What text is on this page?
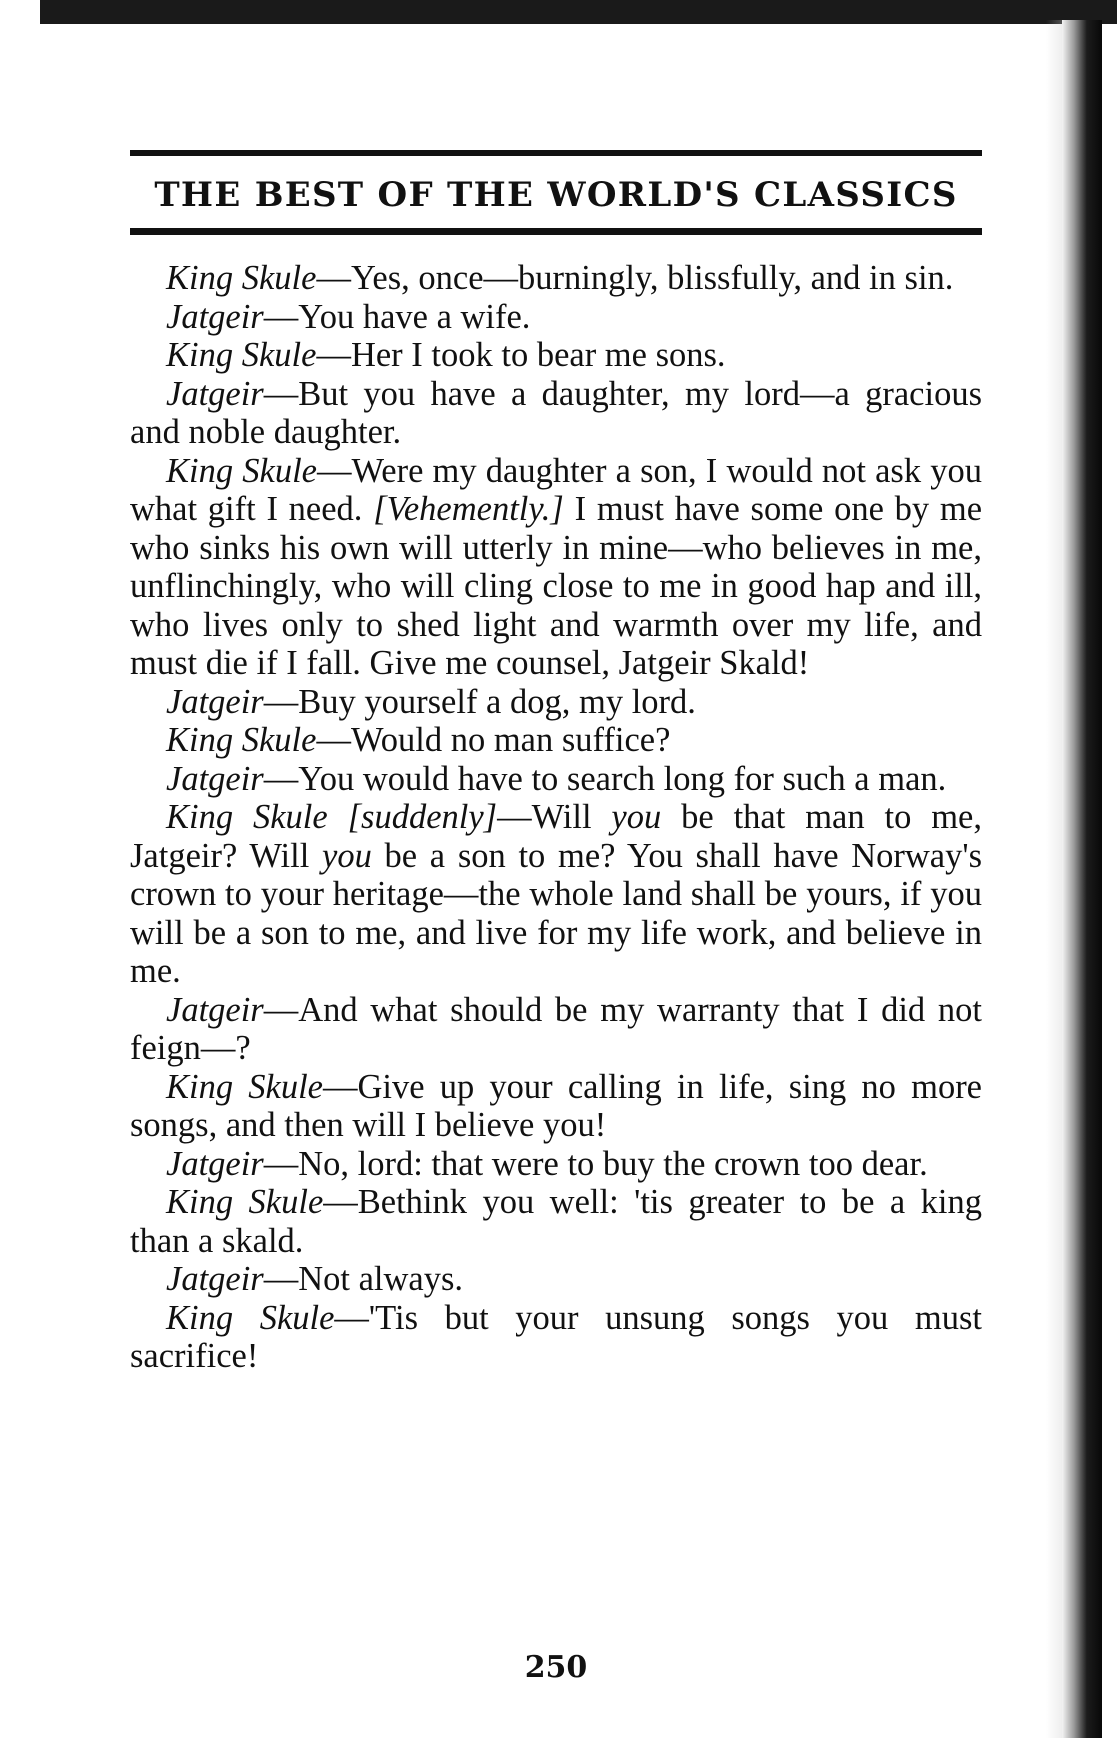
THE BEST OF THE WORLD'S CLASSICS

King Skule—Yes, once—burningly, blissfully, and in sin.

Jatgeir—You have a wife.

King Skule—Her I took to bear me sons.

Jatgeir—But you have a daughter, my lord—a gracious and noble daughter.

King Skule—Were my daughter a son, I would not ask you what gift I need. [Vehemently.] I must have some one by me who sinks his own will utterly in mine—who believes in me, unflinchingly, who will cling close to me in good hap and ill, who lives only to shed light and warmth over my life, and must die if I fall. Give me counsel, Jatgeir Skald!

Jatgeir—Buy yourself a dog, my lord.

King Skule—Would no man suffice?

Jatgeir—You would have to search long for such a man.

King Skule [suddenly]—Will you be that man to me, Jatgeir? Will you be a son to me? You shall have Norway's crown to your heritage—the whole land shall be yours, if you will be a son to me, and live for my life work, and believe in me.

Jatgeir—And what should be my warranty that I did not feign—?

King Skule—Give up your calling in life, sing no more songs, and then will I believe you!

Jatgeir—No, lord: that were to buy the crown too dear.

King Skule—Bethink you well: 'tis greater to be a king than a skald.

Jatgeir—Not always.

King Skule—'Tis but your unsung songs you must sacrifice!

250
